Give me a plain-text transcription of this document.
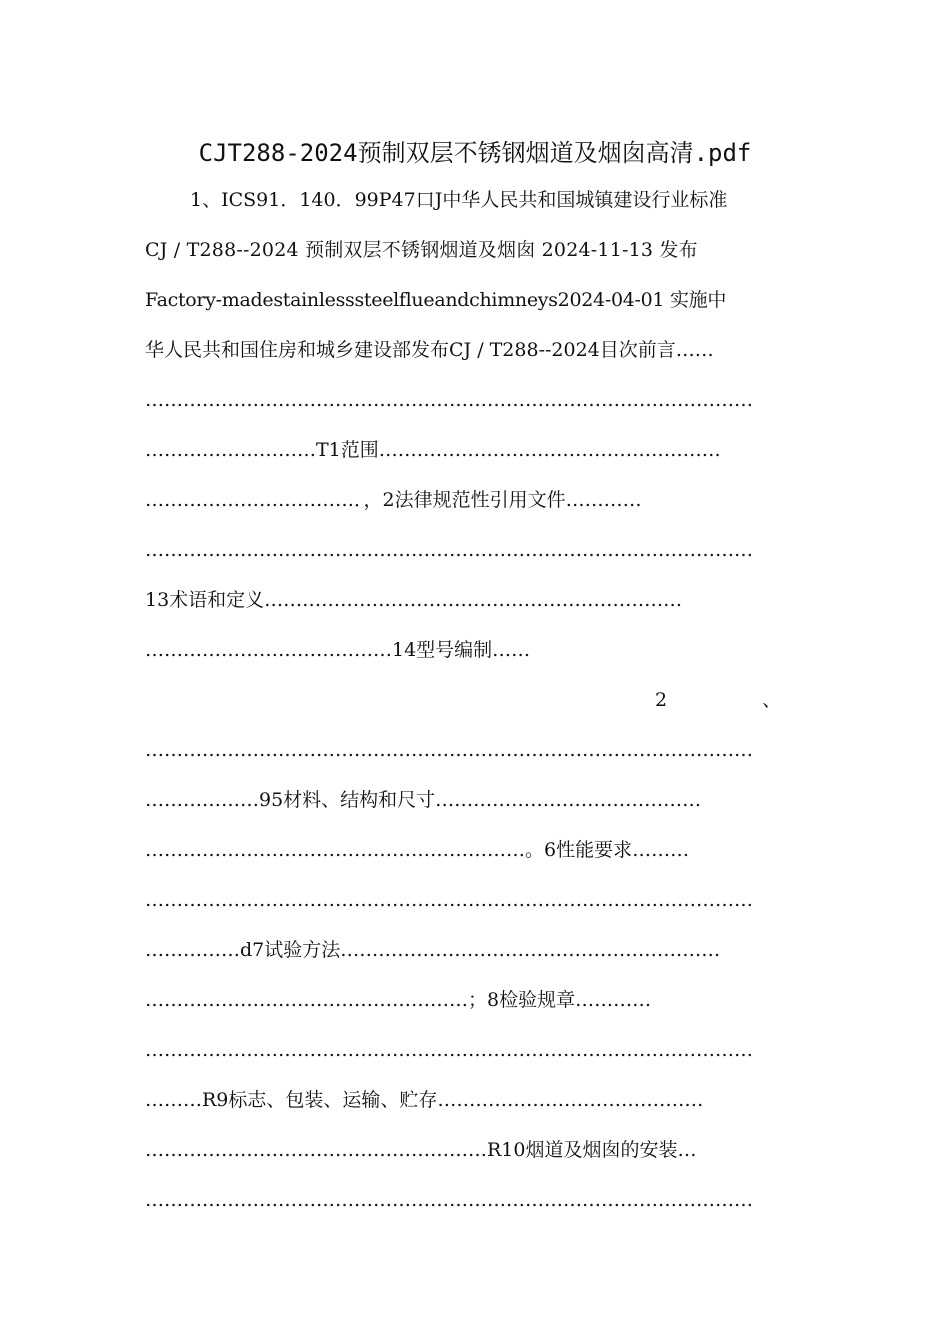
CJT288-2024预制双层不锈钢烟道及烟囱高清.pdf
1、ICS91．140．99P47口J中华人民共和国城镇建设行业标准
CJ / T288--2024 预制双层不锈钢烟道及烟囱 2024-11-13 发布
Factory-madestainlesssteelflueandchimneys2024-04-01 实施中
华人民共和国住房和城乡建设部发布CJ / T288--2024目次前言……
……………………………………………………………………………………
………………………T1范围………………………………………………
……………………………．，2法律规范性引用文件…………
……………………………………………………………………………………
13术语和定义…………………………………………………………
…………………………………14型号编制……
2　　　　　、
……………………………………………………………………………………
………………95材料、结构和尺寸……………………………………
……………………………………………………。6性能要求………
……………………………………………………………………………………
……………d7试验方法……………………………………………………
……………………………………………；8检验规章…………
……………………………………………………………………………………
………R9标志、包装、运输、贮存……………………………………
………………………………………………R10烟道及烟囱的安装…
……………………………………………………………………………………
